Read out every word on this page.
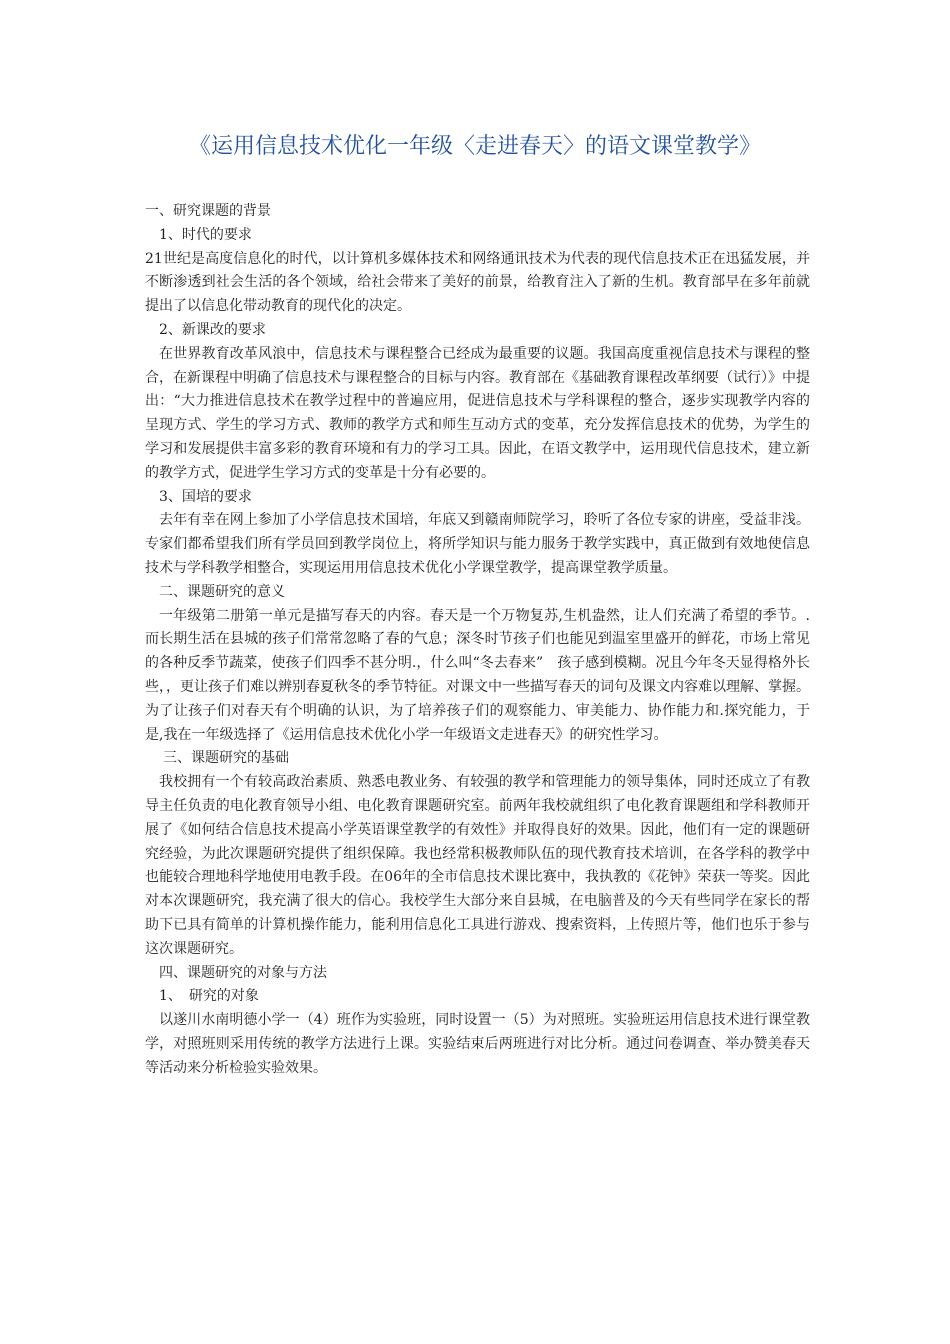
《运用信息技术优化一年级〈走进春天〉的语文课堂教学》

一、研究课题的背景

1、时代的要求

21世纪是高度信息化的时代，以计算机多媒体技术和网络通讯技术为代表的现代信息技术正在迅猛发展，并不断渗透到社会生活的各个领域，给社会带来了美好的前景，给教育注入了新的生机。教育部早在多年前就提出了以信息化带动教育的现代化的决定。

2、新课改的要求

在世界教育改革风浪中，信息技术与课程整合已经成为最重要的议题。我国高度重视信息技术与课程的整合，在新课程中明确了信息技术与课程整合的目标与内容。教育部在《基础教育课程改革纲要（试行）》中提出：“大力推进信息技术在教学过程中的普遍应用，促进信息技术与学科课程的整合，逐步实现教学内容的呈现方式、学生的学习方式、教师的教学方式和师生互动方式的变革，充分发挥信息技术的优势，为学生的学习和发展提供丰富多彩的教育环境和有力的学习工具。因此，在语文教学中，运用现代信息技术，建立新的教学方式，促进学生学习方式的变革是十分有必要的。

3、国培的要求

去年有幸在网上参加了小学信息技术国培，年底又到赣南师院学习，聆听了各位专家的讲座，受益非浅。专家们都希望我们所有学员回到教学岗位上，将所学知识与能力服务于教学实践中，真正做到有效地使信息技术与学科教学相整合，实现运用用信息技术优化小学课堂教学，提高课堂教学质量。

二、课题研究的意义

一年级第二册第一单元是描写春天的内容。春天是一个万物复苏,生机盎然，让人们充满了希望的季节。.而长期生活在县城的孩子们常常忽略了春的气息；深冬时节孩子们也能见到温室里盛开的鲜花，市场上常见的各种反季节蔬菜，使孩子们四季不甚分明.，什么叫“冬去春来”　孩子感到模糊。况且今年冬天显得格外长些，，更让孩子们难以辨别春夏秋冬的季节特征。对课文中一些描写春天的词句及课文内容难以理解、掌握。为了让孩子们对春天有个明确的认识，为了培养孩子们的观察能力、审美能力、协作能力和.探究能力，于是,我在一年级选择了《运用信息技术优化小学一年级语文走进春天》的研究性学习。

三、课题研究的基础

我校拥有一个有较高政治素质、熟悉电教业务、有较强的教学和管理能力的领导集体，同时还成立了有教导主任负责的电化教育领导小组、电化教育课题研究室。前两年我校就组织了电化教育课题组和学科教师开展了《如何结合信息技术提高小学英语课堂教学的有效性》并取得良好的效果。因此，他们有一定的课题研究经验，为此次课题研究提供了组织保障。我也经常积极教师队伍的现代教育技术培训，在各学科的教学中也能较合理地科学地使用电教手段。在06年的全市信息技术课比赛中，我执教的《花钟》荣获一等奖。因此对本次课题研究，我充满了很大的信心。我校学生大部分来自县城，在电脑普及的今天有些同学在家长的帮助下已具有简单的计算机操作能力，能利用信息化工具进行游戏、搜索资料，上传照片等，他们也乐于参与这次课题研究。

四、课题研究的对象与方法

1、　研究的对象

以遂川水南明德小学一（4）班作为实验班，同时设置一（5）为对照班。实验班运用信息技术进行课堂教学，对照班则采用传统的教学方法进行上课。实验结束后两班进行对比分析。通过问卷调查、举办赞美春天等活动来分析检验实验效果。
